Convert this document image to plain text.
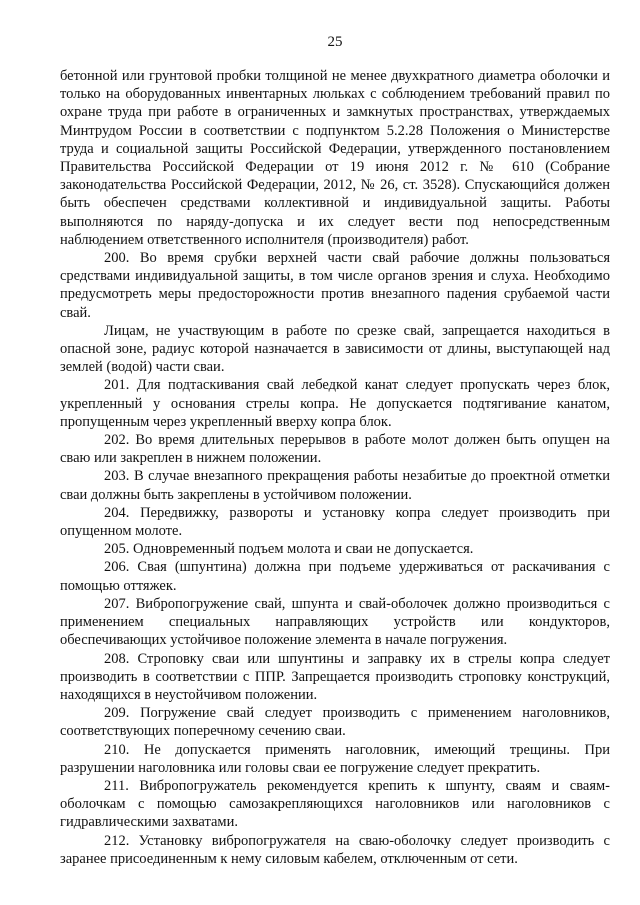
25

бетонной или грунтовой пробки толщиной не менее двухкратного диаметра оболочки и только на оборудованных инвентарных люльках с соблюдением требований правил по охране труда при работе в ограниченных и замкнутых пространствах, утверждаемых Минтрудом России в соответствии с подпунктом 5.2.28 Положения о Министерстве труда и социальной защиты Российской Федерации, утвержденного постановлением Правительства Российской Федерации от 19 июня 2012 г. № 610 (Собрание законодательства Российской Федерации, 2012, № 26, ст. 3528). Спускающийся должен быть обеспечен средствами коллективной и индивидуальной защиты. Работы выполняются по наряду-допуска и их следует вести под непосредственным наблюдением ответственного исполнителя (производителя) работ.

200. Во время срубки верхней части свай рабочие должны пользоваться средствами индивидуальной защиты, в том числе органов зрения и слуха. Необходимо предусмотреть меры предосторожности против внезапного падения срубаемой части свай.

Лицам, не участвующим в работе по срезке свай, запрещается находиться в опасной зоне, радиус которой назначается в зависимости от длины, выступающей над землей (водой) части сваи.

201. Для подтаскивания свай лебедкой канат следует пропускать через блок, укрепленный у основания стрелы копра. Не допускается подтягивание канатом, пропущенным через укрепленный вверху копра блок.

202. Во время длительных перерывов в работе молот должен быть опущен на сваю или закреплен в нижнем положении.

203. В случае внезапного прекращения работы незабитые до проектной отметки сваи должны быть закреплены в устойчивом положении.

204. Передвижку, развороты и установку копра следует производить при опущенном молоте.

205. Одновременный подъем молота и сваи не допускается.

206. Свая (шпунтина) должна при подъеме удерживаться от раскачивания с помощью оттяжек.

207. Вибропогружение свай, шпунта и свай-оболочек должно производиться с применением специальных направляющих устройств или кондукторов, обеспечивающих устойчивое положение элемента в начале погружения.

208. Строповку сваи или шпунтины и заправку их в стрелы копра следует производить в соответствии с ППР. Запрещается производить строповку конструкций, находящихся в неустойчивом положении.

209. Погружение свай следует производить с применением наголовников, соответствующих поперечному сечению сваи.

210. Не допускается применять наголовник, имеющий трещины. При разрушении наголовника или головы сваи ее погружение следует прекратить.

211. Вибропогружатель рекомендуется крепить к шпунту, сваям и сваям-оболочкам с помощью самозакрепляющихся наголовников или наголовников с гидравлическими захватами.

212. Установку вибропогружателя на сваю-оболочку следует производить с заранее присоединенным к нему силовым кабелем, отключенным от сети.
